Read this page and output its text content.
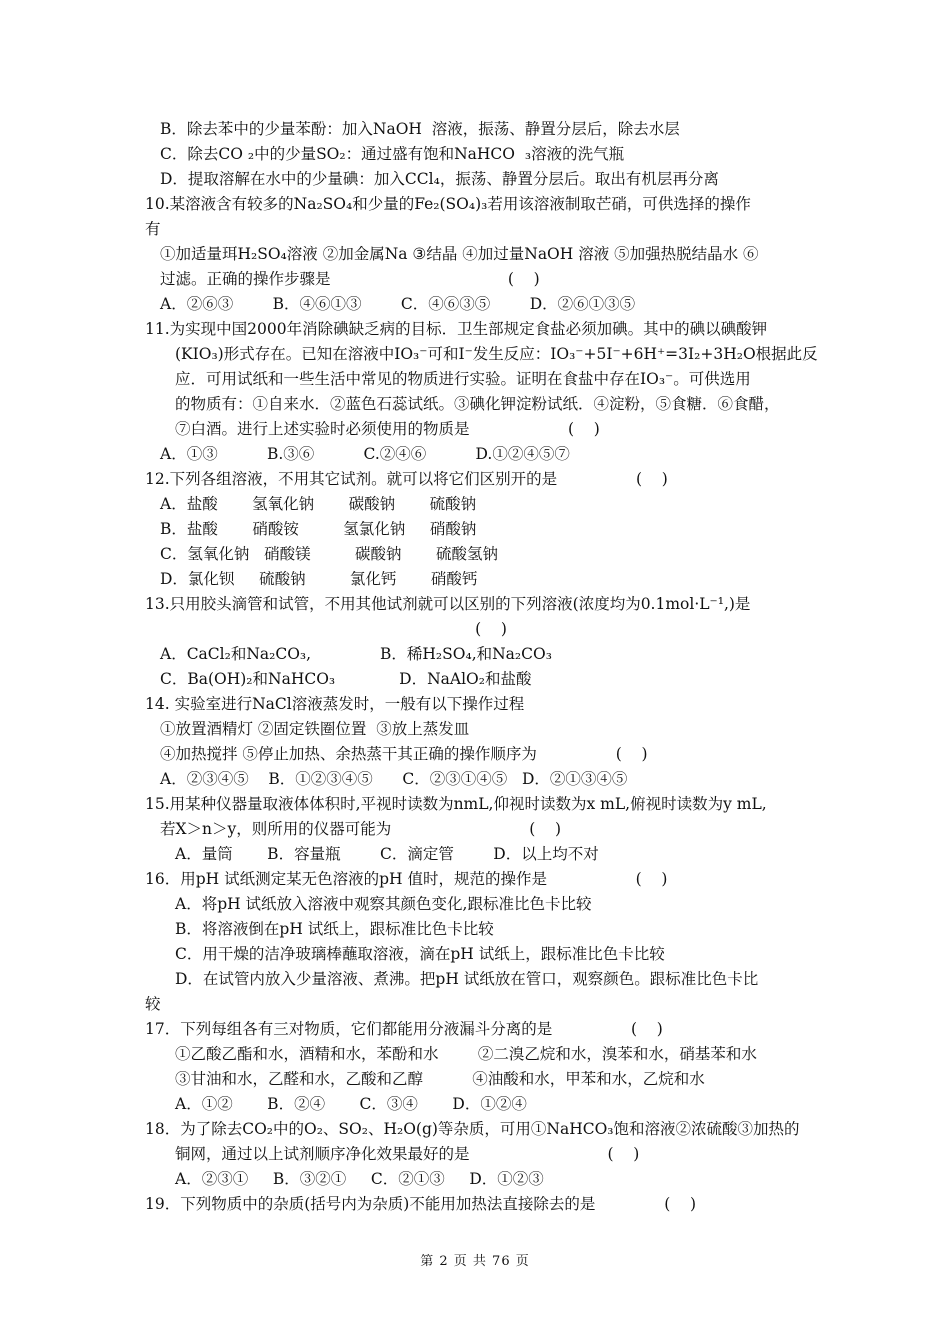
B．除去苯中的少量苯酚：加入NaOH  溶液，振荡、静置分层后，除去水层
C．除去CO ₂中的少量SO₂：通过盛有饱和NaHCO  ₃溶液的洗气瓶
D．提取溶解在水中的少量碘：加入CCl₄，振荡、静置分层后。取出有机层再分离
10.某溶液含有较多的Na₂SO₄和少量的Fe₂(SO₄)₃若用该溶液制取芒硝，可供选择的操作
有
①加适量珥H₂SO₄溶液 ②加金属Na ③结晶 ④加过量NaOH 溶液 ⑤加强热脱结晶水 ⑥
过滤。正确的操作步骤是                                    (    )
A．②⑥③        B．④⑥①③        C．④⑥③⑤        D．②⑥①③⑤
11.为实现中国2000年消除碘缺乏病的目标．卫生部规定食盐必须加碘。其中的碘以碘酸钾
(KIO₃)形式存在。已知在溶液中IO₃⁻可和I⁻发生反应：IO₃⁻+5I⁻+6H⁺=3I₂+3H₂O根据此反
应．可用试纸和一些生活中常见的物质进行实验。证明在食盐中存在IO₃⁻。可供选用
的物质有：①自来水．②蓝色石蕊试纸。③碘化钾淀粉试纸．④淀粉，⑤食糖．⑥食醋，
⑦白酒。进行上述实验时必须使用的物质是                    (    )
A．①③          B.③⑥          C.②④⑥          D.①②④⑤⑦
12.下列各组溶液，不用其它试剂。就可以将它们区别开的是                (    )
A．盐酸       氢氧化钠       碳酸钠       硫酸钠
B．盐酸       硝酸铵         氢氯化钠     硝酸钠
C．氢氧化钠   硝酸镁         碳酸钠       硫酸氢钠
D．氯化钡     硫酸钠         氯化钙       硝酸钙
13.只用胶头滴管和试管，不用其他试剂就可以区别的下列溶液(浓度均为0.1mol·L⁻¹,)是
(    )
A．CaCl₂和Na₂CO₃,              B．稀H₂SO₄,和Na₂CO₃
C．Ba(OH)₂和NaHCO₃             D．NaAlO₂和盐酸
14. 实验室进行NaCl溶液蒸发时，一般有以下操作过程
①放置酒精灯 ②固定铁圈位置  ③放上蒸发皿
④加热搅拌 ⑤停止加热、余热蒸干其正确的操作顺序为                (    )
A．②③④⑤    B．①②③④⑤      C．②③①④⑤   D．②①③④⑤
15.用某种仪器量取液体体积时,平视时读数为nmL,仰视时读数为x mL,俯视时读数为y mL,
若X＞n＞y，则所用的仪器可能为                            (    )
A．量筒       B．容量瓶        C．滴定管        D．以上均不对
16．用pH 试纸测定某无色溶液的pH 值时，规范的操作是                  (    )
A．将pH 试纸放入溶液中观察其颜色变化,跟标准比色卡比较
B．将溶液倒在pH 试纸上，跟标准比色卡比较
C．用干燥的洁净玻璃棒蘸取溶液，滴在pH 试纸上，跟标准比色卡比较
D．在试管内放入少量溶液、煮沸。把pH 试纸放在管口，观察颜色。跟标准比色卡比
较
17．下列每组各有三对物质，它们都能用分液漏斗分离的是                (    )
①乙酸乙酯和水，酒精和水，苯酚和水        ②二溴乙烷和水，溴苯和水，硝基苯和水
③甘油和水，乙醛和水，乙酸和乙醇          ④油酸和水，甲苯和水，乙烷和水
A．①②       B．②④       C．③④       D．①②④
18．为了除去CO₂中的O₂、SO₂、H₂O(g)等杂质，可用①NaHCO₃饱和溶液②浓硫酸③加热的
铜网，通过以上试剂顺序净化效果最好的是                            (    )
A．②③①     B．③②①     C．②①③     D．①②③
19．下列物质中的杂质(括号内为杂质)不能用加热法直接除去的是              (    )
第 2 页 共 76 页
